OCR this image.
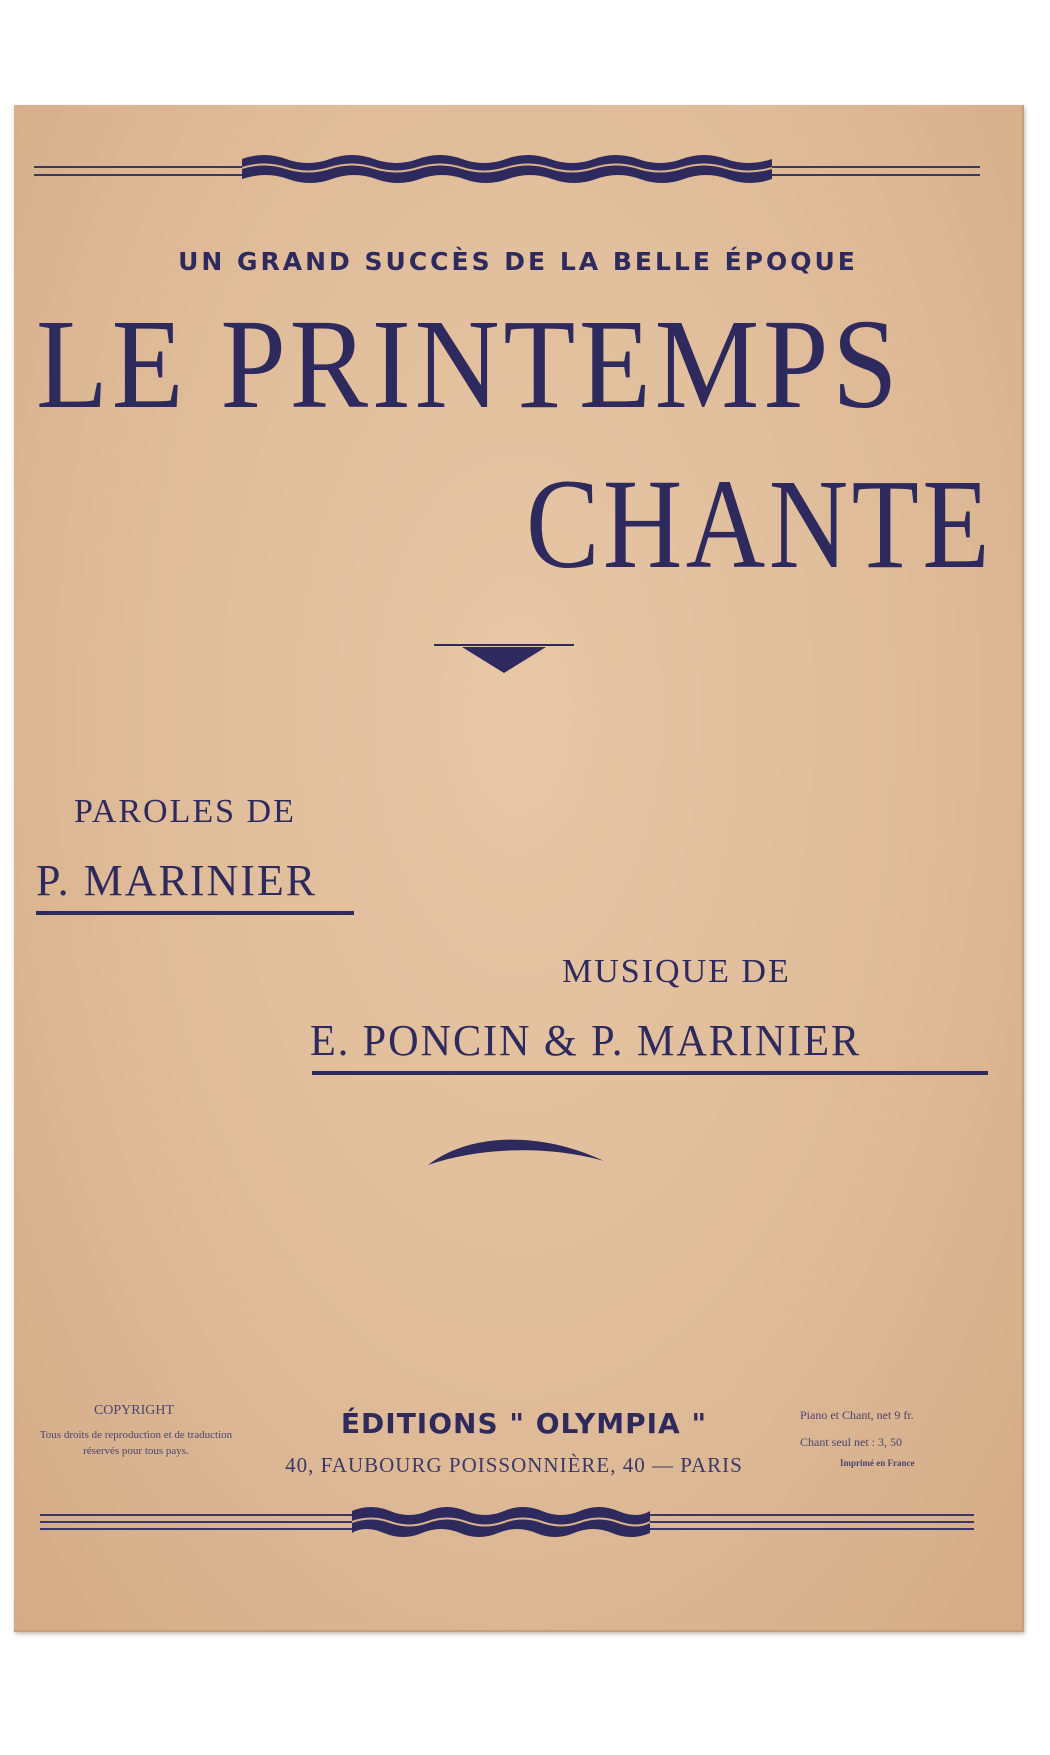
UN GRAND SUCCÈS DE LA BELLE ÉPOQUE
LE PRINTEMPS
CHANTE
PAROLES DE
P. MARINIER
MUSIQUE DE
E. PONCIN & P. MARINIER
COPYRIGHT
Tous droits de reproduction et de traduction réservés pour tous pays.
ÉDITIONS " OLYMPIA "
40, FAUBOURG POISSONNIÈRE, 40 — PARIS
Piano et Chant, net 9 fr.
Chant seul net : 3, 50
Imprimé en France
